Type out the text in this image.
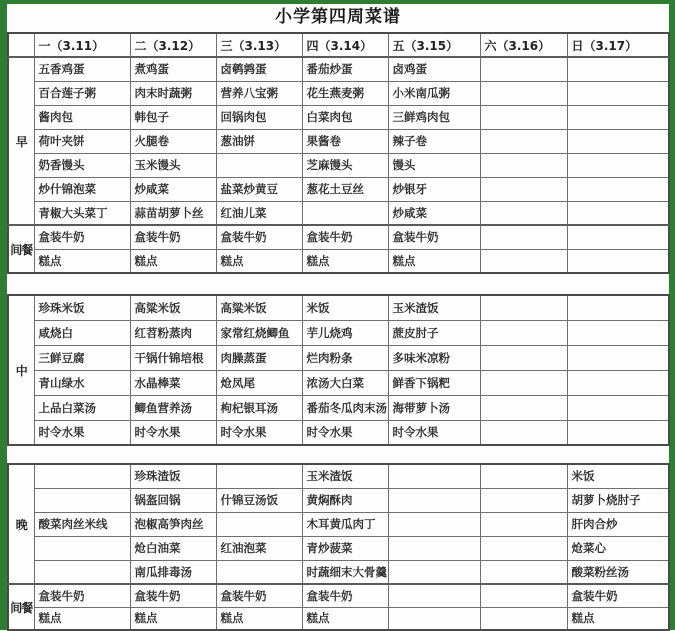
小学第四周菜谱
	一（3.11）	二（3.12）	三（3.13）	四（3.14）	五（3.15）	六（3.16）	日（3.17）
早	五香鸡蛋	煮鸡蛋	卤鹌鹑蛋	番茄炒蛋	卤鸡蛋		
	百合莲子粥	肉末时蔬粥	营养八宝粥	花生燕麦粥	小米南瓜粥		
	酱肉包	韩包子	回锅肉包	白菜肉包	三鲜鸡肉包		
	荷叶夹饼	火腿卷	葱油饼	果酱卷	辣子卷		
	奶香馒头	玉米馒头		芝麻馒头	馒头		
	炒什锦泡菜	炒咸菜	盐菜炒黄豆	葱花土豆丝	炒银牙		
	青椒大头菜丁	蒜苗胡萝卜丝	红油儿菜		炒咸菜		
间餐	盒装牛奶	盒装牛奶	盒装牛奶	盒装牛奶	盒装牛奶		
	糕点	糕点	糕点	糕点	糕点		
中	珍珠米饭	高粱米饭	高粱米饭	米饭	玉米渣饭		
	咸烧白	红苕粉蒸肉	家常红烧鲫鱼	芋儿烧鸡	蔗皮肘子		
	三鲜豆腐	干锅什锦培根	肉臊蒸蛋	烂肉粉条	多味米凉粉		
	青山绿水	水晶棒菜	炝凤尾	浓汤大白菜	鲜香下锅粑		
	上品白菜汤	鲫鱼营养汤	枸杞银耳汤	番茄冬瓜肉末汤	海带萝卜汤		
	时令水果	时令水果	时令水果	时令水果	时令水果		
晚		珍珠渣饭		玉米渣饭			米饭
		锅盔回锅	什锦豆汤饭	黄焖酥肉			胡萝卜烧肘子
	酸菜肉丝米线	泡椒高笋肉丝		木耳黄瓜肉丁			肝肉合炒
		炝白油菜	红油泡菜	青炒菠菜			炝菜心
		南瓜排毒汤		时蔬细末大骨羹			酸菜粉丝汤
间餐	盒装牛奶	盒装牛奶	盒装牛奶	盒装牛奶			盒装牛奶
	糕点	糕点	糕点	糕点			糕点
